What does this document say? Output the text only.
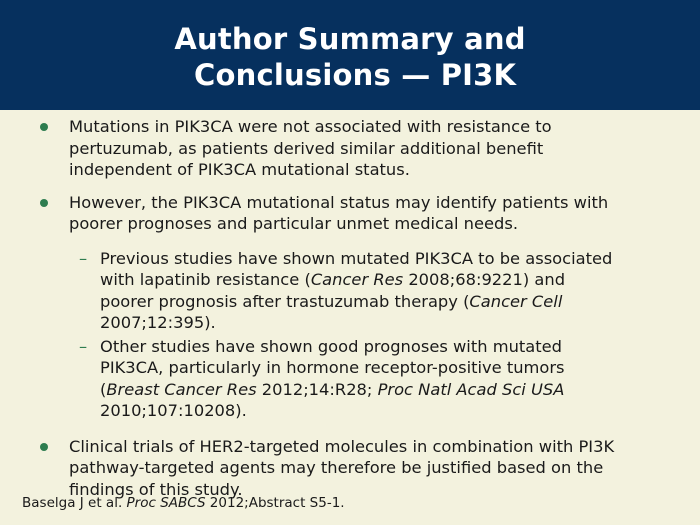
Author Summary and
Conclusions — PI3K
Mutations in PIK3CA were not associated with resistance to
pertuzumab, as patients derived similar additional benefit
independent of PIK3CA mutational status.
However, the PIK3CA mutational status may identify patients with
poorer prognoses and particular unmet medical needs.
– Previous studies have shown mutated PIK3CA to be associated
with lapatinib resistance (Cancer Res 2008;68:9221) and
poorer prognosis after trastuzumab therapy (Cancer Cell
2007;12:395).
– Other studies have shown good prognoses with mutated
PIK3CA, particularly in hormone receptor-positive tumors
(Breast Cancer Res 2012;14:R28; Proc Natl Acad Sci USA
2010;107:10208).
Clinical trials of HER2-targeted molecules in combination with PI3K
pathway-targeted agents may therefore be justified based on the
findings of this study.
Baselga J et al. Proc SABCS 2012;Abstract S5-1.
